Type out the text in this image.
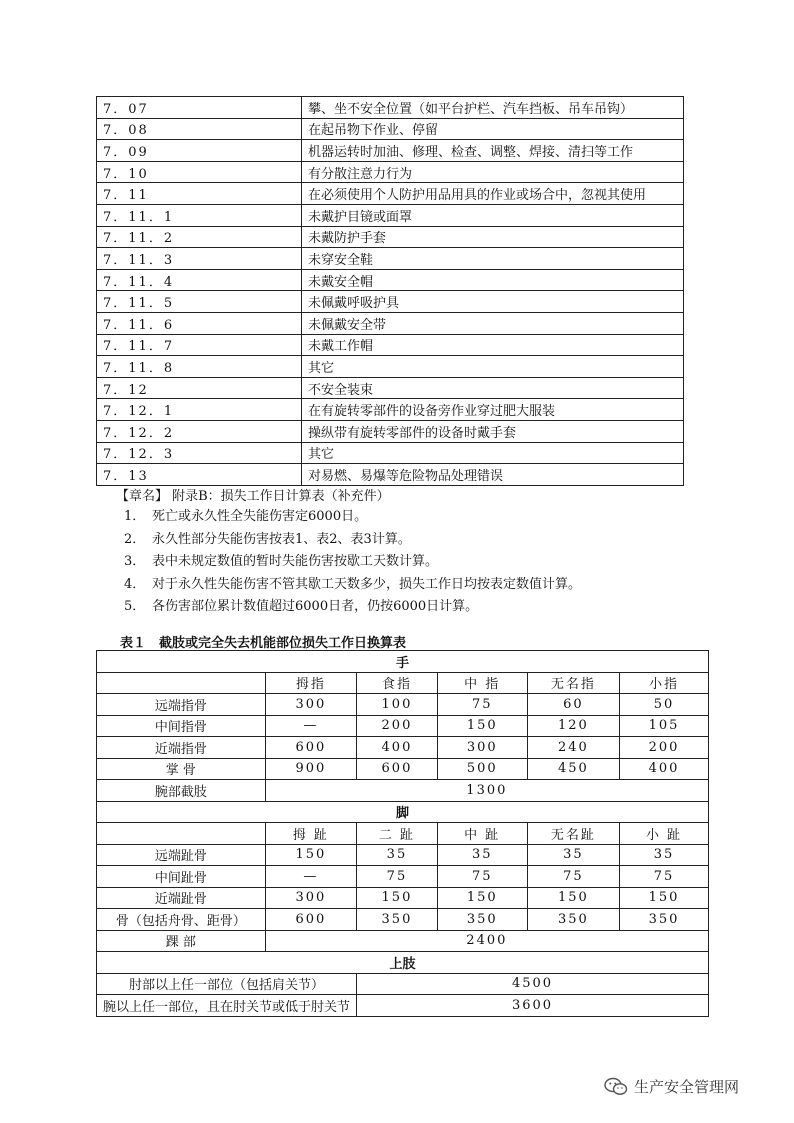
7．07	攀、坐不安全位置（如平台护栏、汽车挡板、吊车吊钩）
7．08	在起吊物下作业、停留
7．09	机器运转时加油、修理、检查、调整、焊接、清扫等工作
7．10	有分散注意力行为
7．11	在必须使用个人防护用品用具的作业或场合中，忽视其使用
7．11．1	未戴护目镜或面罩
7．11．2	未戴防护手套
7．11．3	未穿安全鞋
7．11．4	未戴安全帽
7．11．5	未佩戴呼吸护具
7．11．6	未佩戴安全带
7．11．7	未戴工作帽
7．11．8	其它
7．12	不安全装束
7．12．1	在有旋转零部件的设备旁作业穿过肥大服装
7．12．2	操纵带有旋转零部件的设备时戴手套
7．12．3	其它
7．13	对易燃、易爆等危险物品处理错误
【章名】 附录B：损失工作日计算表（补充件）
1． 死亡或永久性全失能伤害定6000日。
2． 永久性部分失能伤害按表1、表2、表3计算。
3． 表中未规定数值的暂时失能伤害按歇工天数计算。
4． 对于永久性失能伤害不管其歇工天数多少，损失工作日均按表定数值计算。
5． 各伤害部位累计数值超过6000日者，仍按6000日计算。
表１　截肢或完全失去机能部位损失工作日换算表
手					
	拇指	食指	中 指	无名指	小指
远端指骨	300	100	75	60	50
中间指骨	—	200	150	120	105
近端指骨	600	400	300	240	200
掌 骨	900	600	500	450	400
腕部截肢	1300				
脚					
	拇 趾	二 趾	中 趾	无名趾	小 趾
远端趾骨	150	35	35	35	35
中间趾骨	—	75	75	75	75
近端趾骨	300	150	150	150	150
骨（包括舟骨、距骨）	600	350	350	350	350
踝 部	2400				
上肢					
肘部以上任一部位（包括肩关节）		4500			
腕以上任一部位，且在肘关节或低于肘关节		3600			
生产安全管理网
